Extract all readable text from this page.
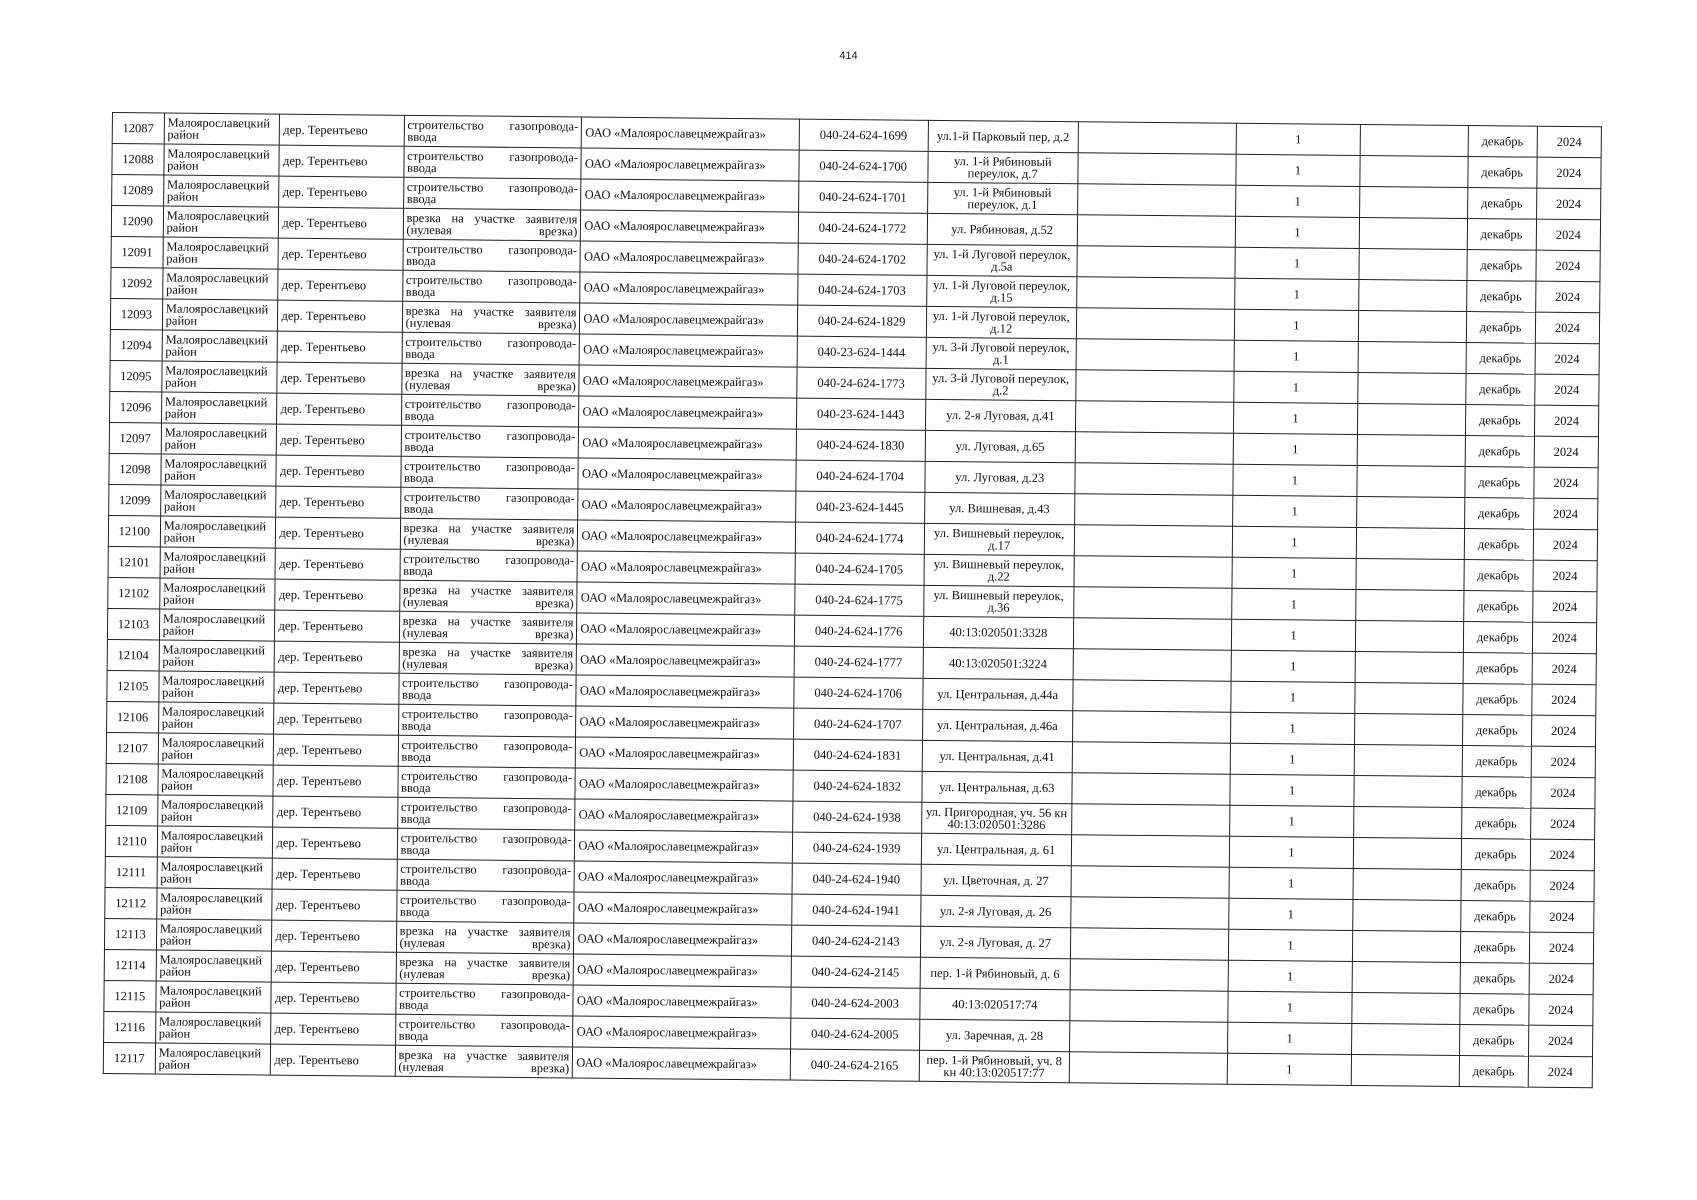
414
12087	Малоярославецкий район	дер. Терентьево	строительство газопровода-ввода	ОАО «Малоярославецмежрайгаз»	040-24-624-1699	ул.1-й Парковый пер, д.2		1		декабрь	2024
12088	Малоярославецкий район	дер. Терентьево	строительство газопровода-ввода	ОАО «Малоярославецмежрайгаз»	040-24-624-1700	ул. 1-й Рябиновый переулок, д.7		1		декабрь	2024
12089	Малоярославецкий район	дер. Терентьево	строительство газопровода-ввода	ОАО «Малоярославецмежрайгаз»	040-24-624-1701	ул. 1-й Рябиновый переулок, д.1		1		декабрь	2024
12090	Малоярославецкий район	дер. Терентьево	врезка на участке заявителя (нулевая врезка)	ОАО «Малоярославецмежрайгаз»	040-24-624-1772	ул. Рябиновая, д.52		1		декабрь	2024
12091	Малоярославецкий район	дер. Терентьево	строительство газопровода-ввода	ОАО «Малоярославецмежрайгаз»	040-24-624-1702	ул. 1-й Луговой переулок, д.5а		1		декабрь	2024
12092	Малоярославецкий район	дер. Терентьево	строительство газопровода-ввода	ОАО «Малоярославецмежрайгаз»	040-24-624-1703	ул. 1-й Луговой переулок, д.15		1		декабрь	2024
12093	Малоярославецкий район	дер. Терентьево	врезка на участке заявителя (нулевая врезка)	ОАО «Малоярославецмежрайгаз»	040-24-624-1829	ул. 1-й Луговой переулок, д.12		1		декабрь	2024
12094	Малоярославецкий район	дер. Терентьево	строительство газопровода-ввода	ОАО «Малоярославецмежрайгаз»	040-23-624-1444	ул. 3-й Луговой переулок, д.1		1		декабрь	2024
12095	Малоярославецкий район	дер. Терентьево	врезка на участке заявителя (нулевая врезка)	ОАО «Малоярославецмежрайгаз»	040-24-624-1773	ул. 3-й Луговой переулок, д.2		1		декабрь	2024
12096	Малоярославецкий район	дер. Терентьево	строительство газопровода-ввода	ОАО «Малоярославецмежрайгаз»	040-23-624-1443	ул. 2-я Луговая, д.41		1		декабрь	2024
12097	Малоярославецкий район	дер. Терентьево	строительство газопровода-ввода	ОАО «Малоярославецмежрайгаз»	040-24-624-1830	ул. Луговая, д.65		1		декабрь	2024
12098	Малоярославецкий район	дер. Терентьево	строительство газопровода-ввода	ОАО «Малоярославецмежрайгаз»	040-24-624-1704	ул. Луговая, д.23		1		декабрь	2024
12099	Малоярославецкий район	дер. Терентьево	строительство газопровода-ввода	ОАО «Малоярославецмежрайгаз»	040-23-624-1445	ул. Вишневая, д.43		1		декабрь	2024
12100	Малоярославецкий район	дер. Терентьево	врезка на участке заявителя (нулевая врезка)	ОАО «Малоярославецмежрайгаз»	040-24-624-1774	ул. Вишневый переулок, д.17		1		декабрь	2024
12101	Малоярославецкий район	дер. Терентьево	строительство газопровода-ввода	ОАО «Малоярославецмежрайгаз»	040-24-624-1705	ул. Вишневый переулок, д.22		1		декабрь	2024
12102	Малоярославецкий район	дер. Терентьево	врезка на участке заявителя (нулевая врезка)	ОАО «Малоярославецмежрайгаз»	040-24-624-1775	ул. Вишневый переулок, д.36		1		декабрь	2024
12103	Малоярославецкий район	дер. Терентьево	врезка на участке заявителя (нулевая врезка)	ОАО «Малоярославецмежрайгаз»	040-24-624-1776	40:13:020501:3328		1		декабрь	2024
12104	Малоярославецкий район	дер. Терентьево	врезка на участке заявителя (нулевая врезка)	ОАО «Малоярославецмежрайгаз»	040-24-624-1777	40:13:020501:3224		1		декабрь	2024
12105	Малоярославецкий район	дер. Терентьево	строительство газопровода-ввода	ОАО «Малоярославецмежрайгаз»	040-24-624-1706	ул. Центральная, д.44а		1		декабрь	2024
12106	Малоярославецкий район	дер. Терентьево	строительство газопровода-ввода	ОАО «Малоярославецмежрайгаз»	040-24-624-1707	ул. Центральная, д.46а		1		декабрь	2024
12107	Малоярославецкий район	дер. Терентьево	строительство газопровода-ввода	ОАО «Малоярославецмежрайгаз»	040-24-624-1831	ул. Центральная, д.41		1		декабрь	2024
12108	Малоярославецкий район	дер. Терентьево	строительство газопровода-ввода	ОАО «Малоярославецмежрайгаз»	040-24-624-1832	ул. Центральная, д.63		1		декабрь	2024
12109	Малоярославецкий район	дер. Терентьево	строительство газопровода-ввода	ОАО «Малоярославецмежрайгаз»	040-24-624-1938	ул. Пригородная, уч. 56 кн 40:13:020501:3286		1		декабрь	2024
12110	Малоярославецкий район	дер. Терентьево	строительство газопровода-ввода	ОАО «Малоярославецмежрайгаз»	040-24-624-1939	ул. Центральная, д. 61		1		декабрь	2024
12111	Малоярославецкий район	дер. Терентьево	строительство газопровода-ввода	ОАО «Малоярославецмежрайгаз»	040-24-624-1940	ул. Цветочная, д. 27		1		декабрь	2024
12112	Малоярославецкий район	дер. Терентьево	строительство газопровода-ввода	ОАО «Малоярославецмежрайгаз»	040-24-624-1941	ул. 2-я Луговая, д. 26		1		декабрь	2024
12113	Малоярославецкий район	дер. Терентьево	врезка на участке заявителя (нулевая врезка)	ОАО «Малоярославецмежрайгаз»	040-24-624-2143	ул. 2-я Луговая, д. 27		1		декабрь	2024
12114	Малоярославецкий район	дер. Терентьево	врезка на участке заявителя (нулевая врезка)	ОАО «Малоярославецмежрайгаз»	040-24-624-2145	пер. 1-й Рябиновый, д. 6		1		декабрь	2024
12115	Малоярославецкий район	дер. Терентьево	строительство газопровода-ввода	ОАО «Малоярославецмежрайгаз»	040-24-624-2003	40:13:020517:74		1		декабрь	2024
12116	Малоярославецкий район	дер. Терентьево	строительство газопровода-ввода	ОАО «Малоярославецмежрайгаз»	040-24-624-2005	ул. Заречная, д. 28		1		декабрь	2024
12117	Малоярославецкий район	дер. Терентьево	врезка на участке заявителя (нулевая врезка)	ОАО «Малоярославецмежрайгаз»	040-24-624-2165	пер. 1-й Рябиновый, уч. 8 кн 40:13:020517:77		1		декабрь	2024
